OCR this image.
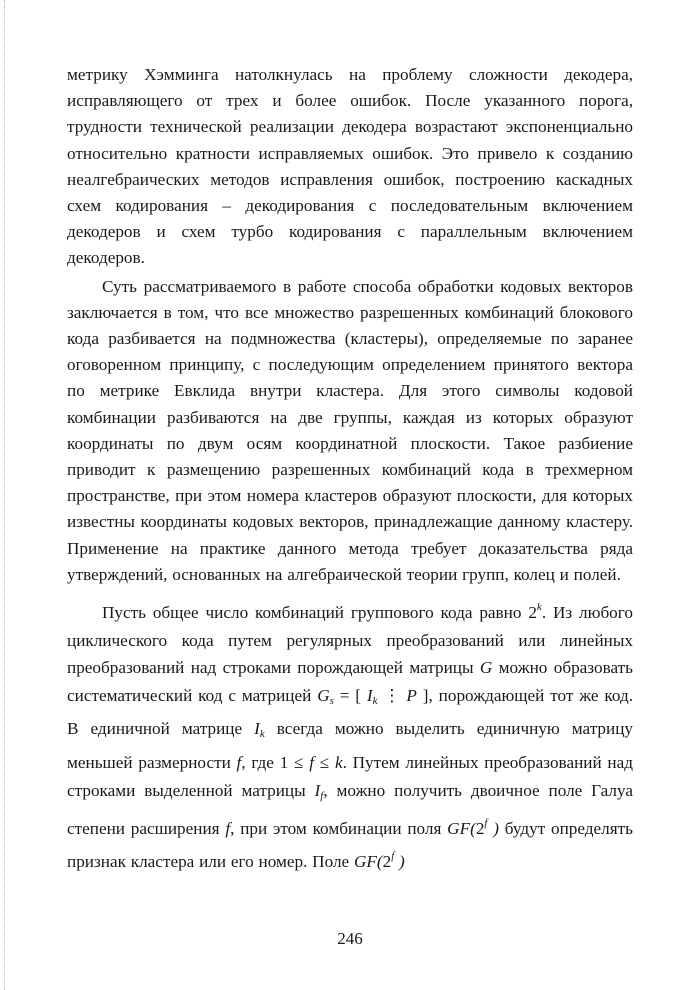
метрику Хэмминга натолкнулась на проблему сложности декодера, исправляющего от трех и более ошибок. После указанного порога, трудности технической реализации декодера возрастают экспоненциально относительно кратности исправляемых ошибок. Это привело к созданию неалгебраических методов исправления ошибок, построению каскадных схем кодирования – декодирования с последовательным включением декодеров и схем турбо кодирования с параллельным включением декодеров.

Суть рассматриваемого в работе способа обработки кодовых векторов заключается в том, что все множество разрешенных комбинаций блокового кода разбивается на подмножества (кластеры), определяемые по заранее оговоренном принципу, с последующим определением принятого вектора по метрике Евклида внутри кластера. Для этого символы кодовой комбинации разбиваются на две группы, каждая из которых образуют координаты по двум осям координатной плоскости. Такое разбиение приводит к размещению разрешенных комбинаций кода в трехмерном пространстве, при этом номера кластеров образуют плоскости, для которых известны координаты кодовых векторов, принадлежащие данному кластеру. Применение на практике данного метода требует доказательства ряда утверждений, основанных на алгебраической теории групп, колец и полей.

Пусть общее число комбинаций группового кода равно 2$^k$. Из любого циклического кода путем регулярных преобразований или линейных преобразований над строками порождающей матрицы G можно образовать систематический код с матрицей $G_s$ = [ $I_k$ ⋮ P ], порождающей тот же код. В единичной матрице $I_k$ всегда можно выделить единичную матрицу меньшей размерности f, где 1 ≤ f ≤ k. Путем линейных преобразований над строками выделенной матрицы $I_f$, можно получить двоичное поле Галуа степени расширения f, при этом комбинации поля GF(2$^f$ ) будут определять признак кластера или его номер. Поле GF(2$^f$ )

246
